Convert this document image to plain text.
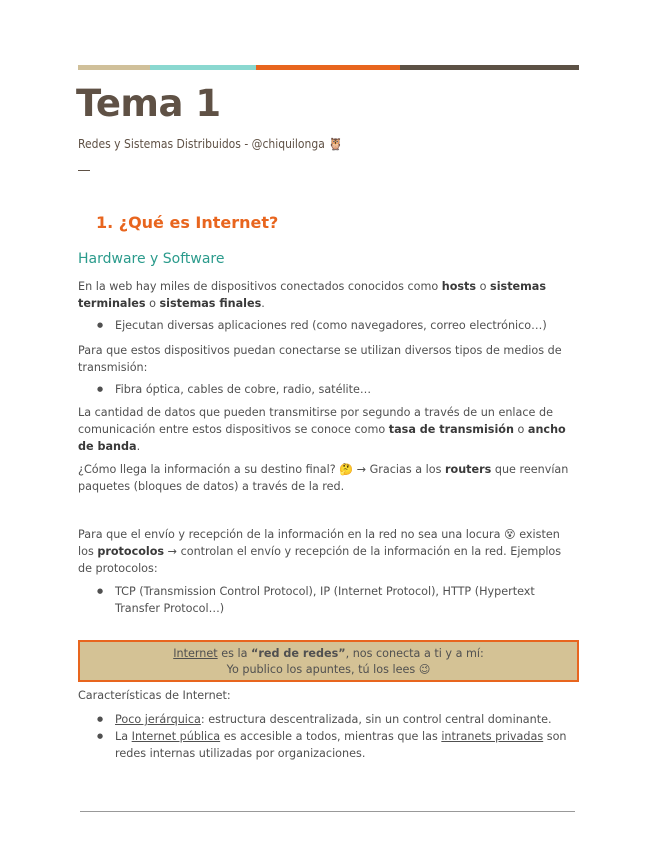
Tema 1
Redes y Sistemas Distribuidos - @chiquilonga 🦉
1. ¿Qué es Internet?
Hardware y Software

En la web hay miles de dispositivos conectados conocidos como hosts o sistemas terminales o sistemas finales.

● Ejecutan diversas aplicaciones red (como navegadores, correo electrónico…)
Para que estos dispositivos puedan conectarse se utilizan diversos tipos de medios de transmisión:
● Fibra óptica, cables de cobre, radio, satélite…

La cantidad de datos que pueden transmitirse por segundo a través de un enlace de comunicación entre estos dispositivos se conoce como tasa de transmisión o ancho de banda.

¿Cómo llega la información a su destino final? 🤔 → Gracias a los routers que reenvían paquetes (bloques de datos) a través de la red.

Para que el envío y recepción de la información en la red no sea una locura 😵 existen los protocolos → controlan el envío y recepción de la información en la red. Ejemplos de protocolos:

● TCP (Transmission Control Protocol), IP (Internet Protocol), HTTP (Hypertext Transfer Protocol…)
Internet es la “red de redes”, nos conecta a ti y a mí:
Yo publico los apuntes, tú los lees 😉
Características de Internet:
● Poco jerárquica: estructura descentralizada, sin un control central dominante.
● La Internet pública es accesible a todos, mientras que las intranets privadas son redes internas utilizadas por organizaciones.
